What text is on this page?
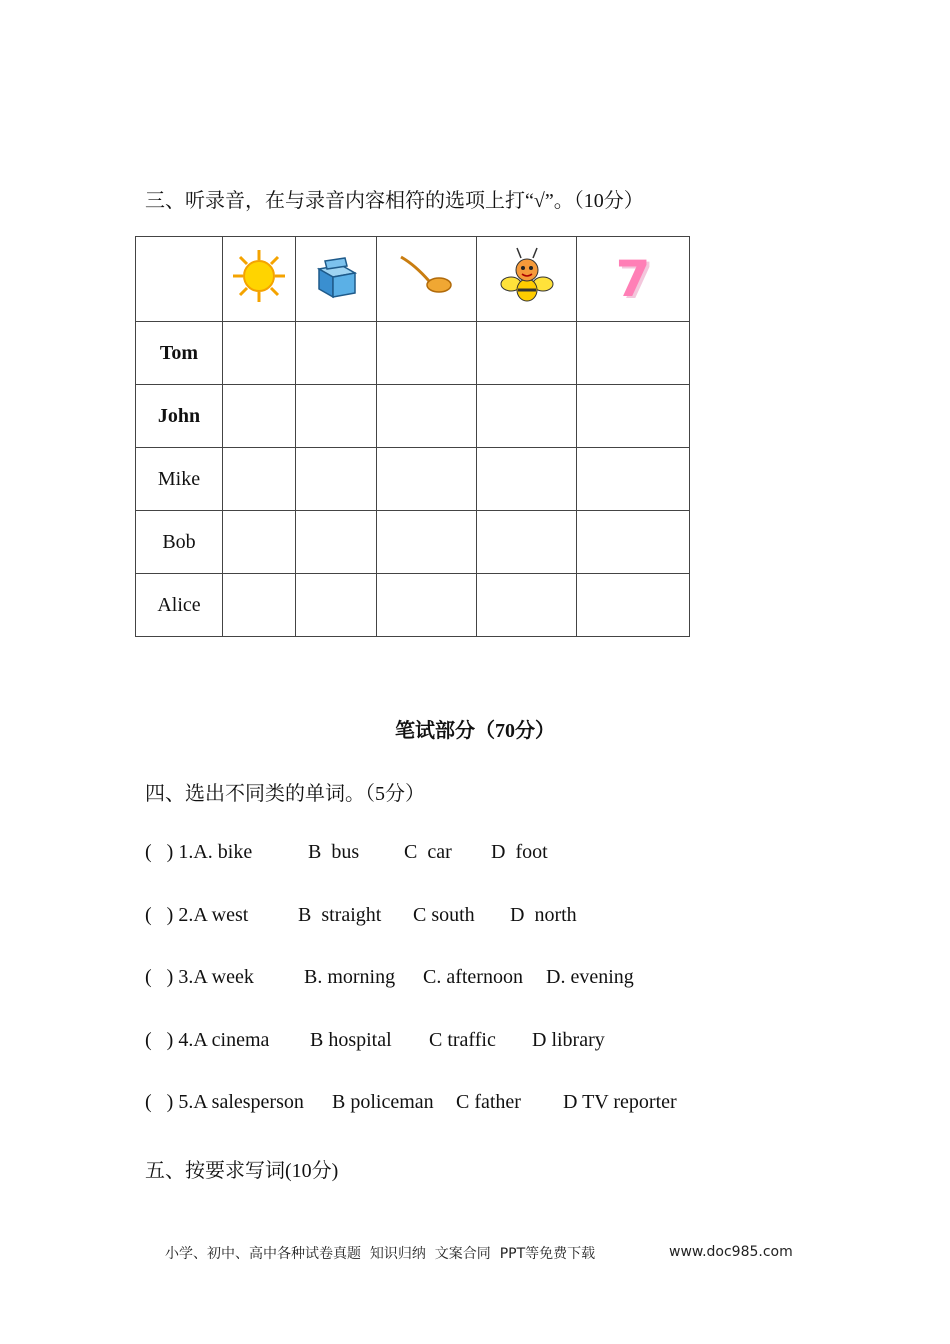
三、听录音，在与录音内容相符的选项上打“√”。（10分）
					7
Tom					
John					
Mike					
Bob					
Alice					
笔试部分（70分）
四、选出不同类的单词。（5分）
(   ) 1.A. bike	B  bus C  car D  foot
(   ) 2.A west B  straight C south D  north
(   ) 3.A week	B. morning C. afternoon D. evening
(   ) 4.A cinema B hospital C traffic D library
(   ) 5.A salesperson B policeman C father D TV reporter
五、按要求写词(10分)
小学、初中、高中各种试卷真题  知识归纳  文案合同  PPT等免费下载	www.doc985.com
